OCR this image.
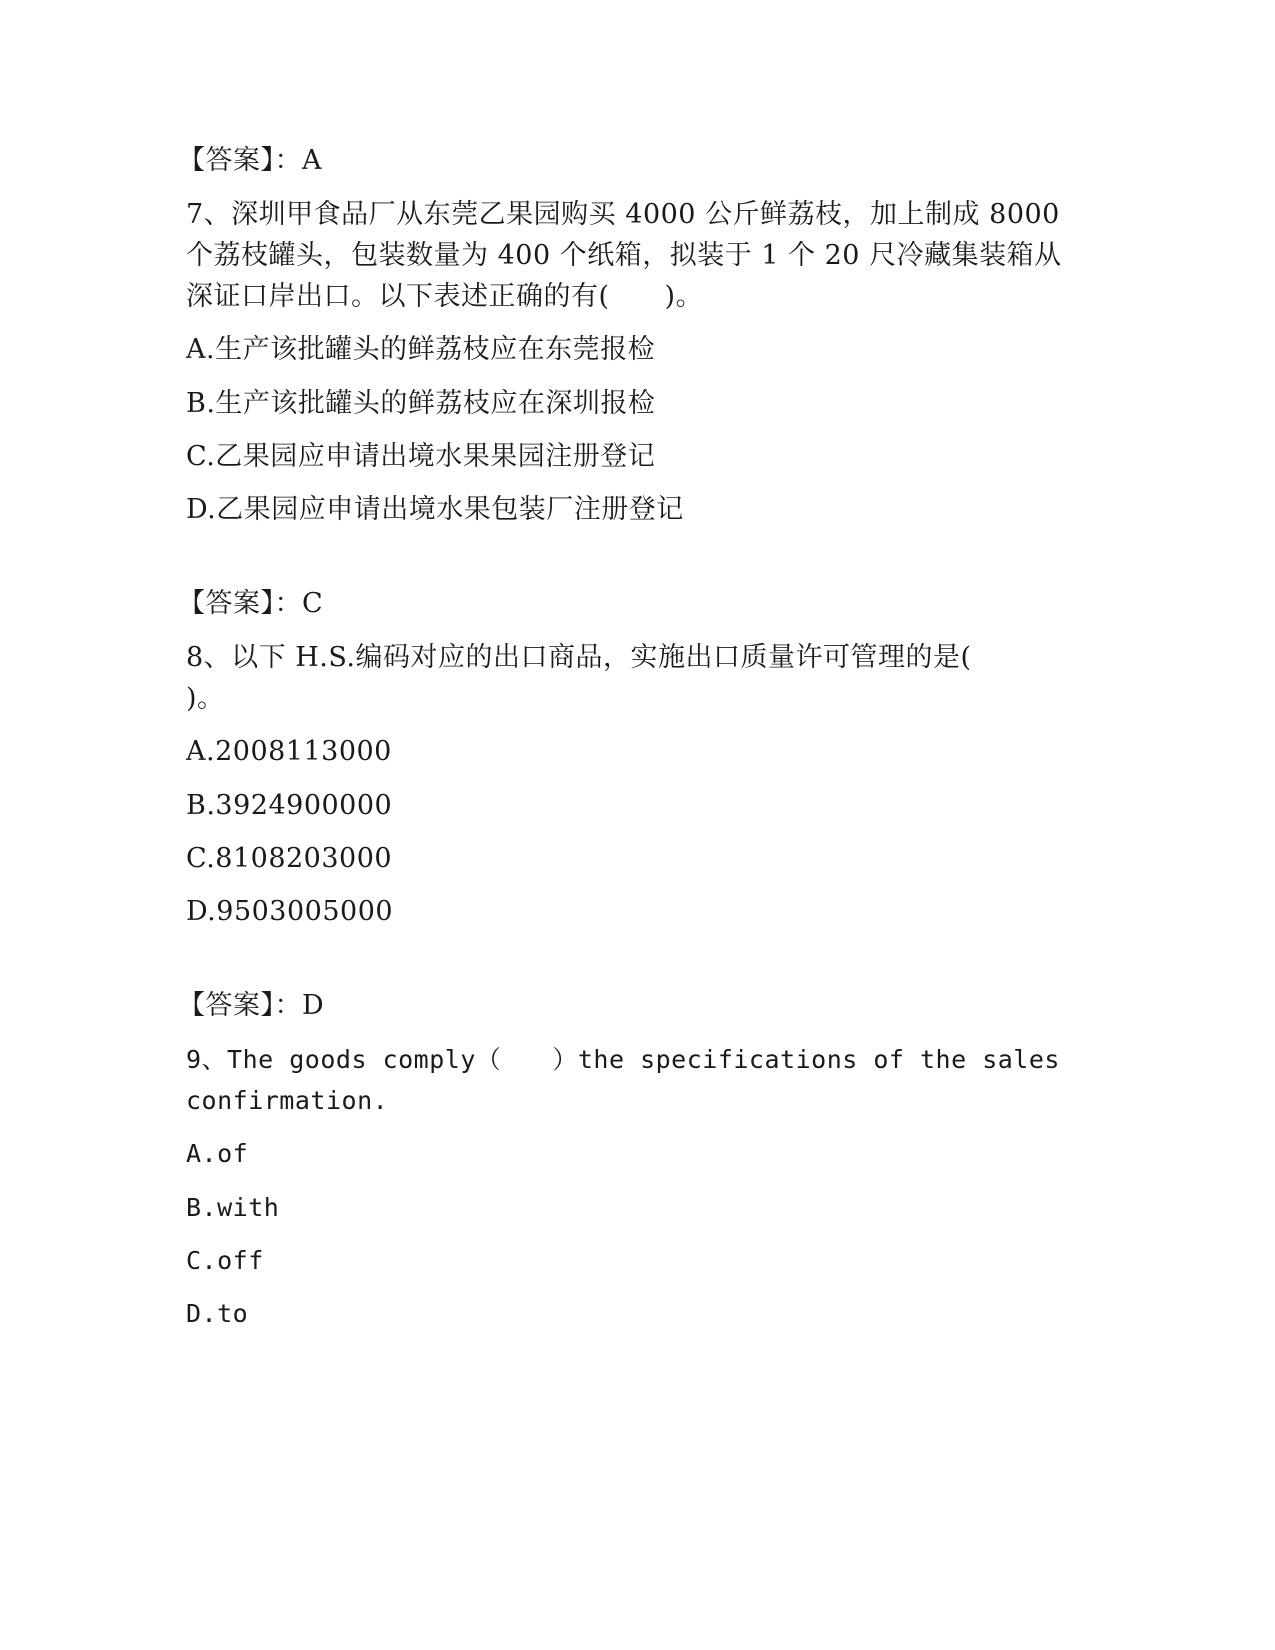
【答案】：A
7、深圳甲食品厂从东莞乙果园购买 4000 公斤鲜荔枝，加上制成 8000
个荔枝罐头，包装数量为 400 个纸箱，拟装于 1 个 20 尺冷藏集装箱从
深证口岸出口。以下表述正确的有(　　)。
A.生产该批罐头的鲜荔枝应在东莞报检
B.生产该批罐头的鲜荔枝应在深圳报检
C.乙果园应申请出境水果果园注册登记
D.乙果园应申请出境水果包装厂注册登记
【答案】：C
8、以下 H.S.编码对应的出口商品，实施出口质量许可管理的是(
)。
A.2008113000
B.3924900000
C.8108203000
D.9503005000
【答案】：D
9、The goods comply（　　）the specifications of the sales
confirmation.
A.of
B.with
C.off
D.to
